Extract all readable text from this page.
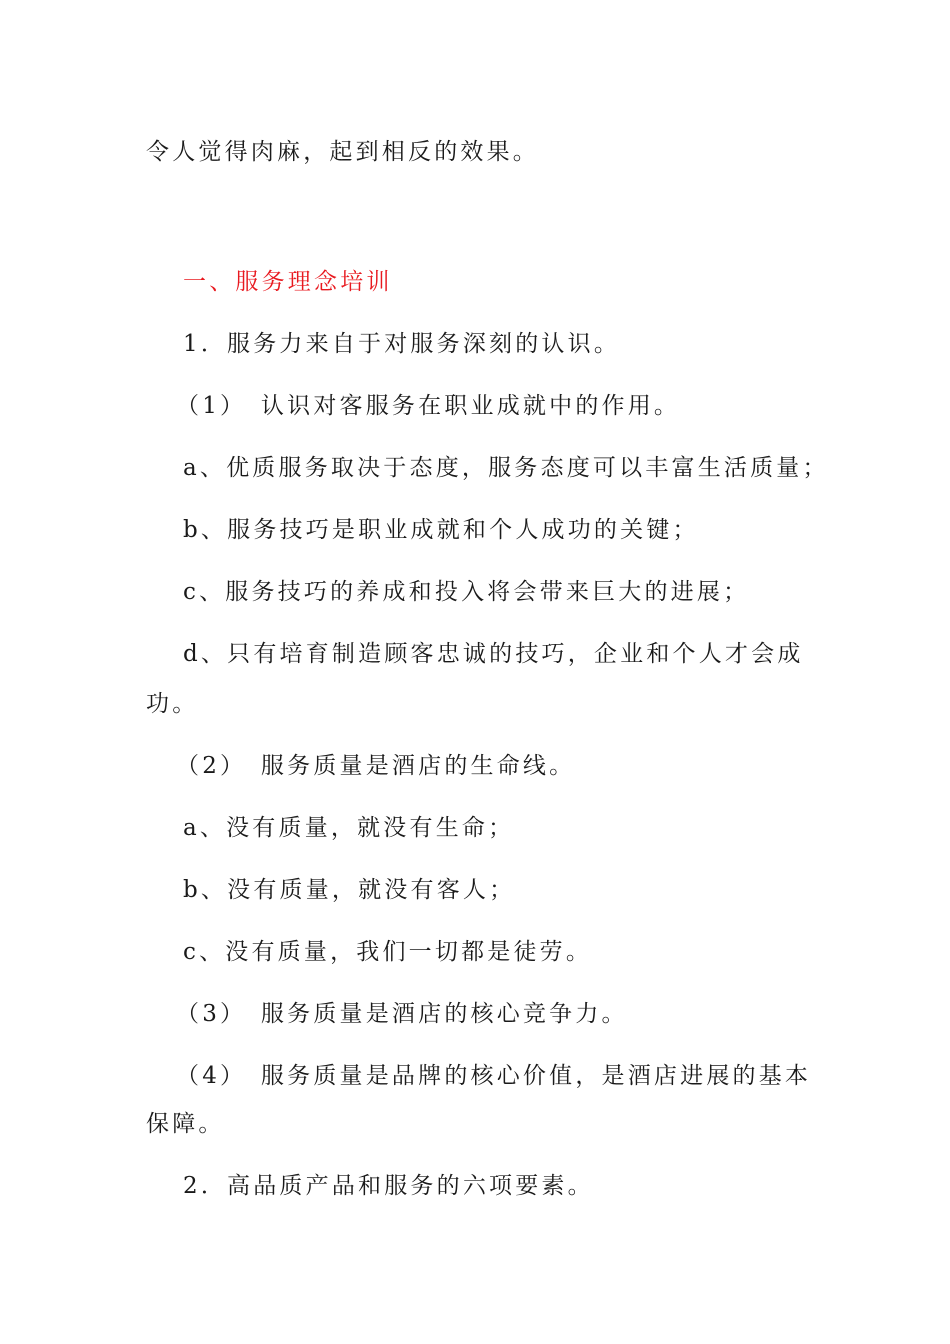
令人觉得肉麻，起到相反的效果。
一、服务理念培训
1．服务力来自于对服务深刻的认识。
（1）　认识对客服务在职业成就中的作用。
a、优质服务取决于态度，服务态度可以丰富生活质量；
b、服务技巧是职业成就和个人成功的关键；
c、服务技巧的养成和投入将会带来巨大的进展；
d、只有培育制造顾客忠诚的技巧，企业和个人才会成
功。
（2）　服务质量是酒店的生命线。
a、没有质量，就没有生命；
b、没有质量，就没有客人；
c、没有质量，我们一切都是徒劳。
（3）　服务质量是酒店的核心竞争力。
（4）　服务质量是品牌的核心价值，是酒店进展的基本
保障。
2．高品质产品和服务的六项要素。
